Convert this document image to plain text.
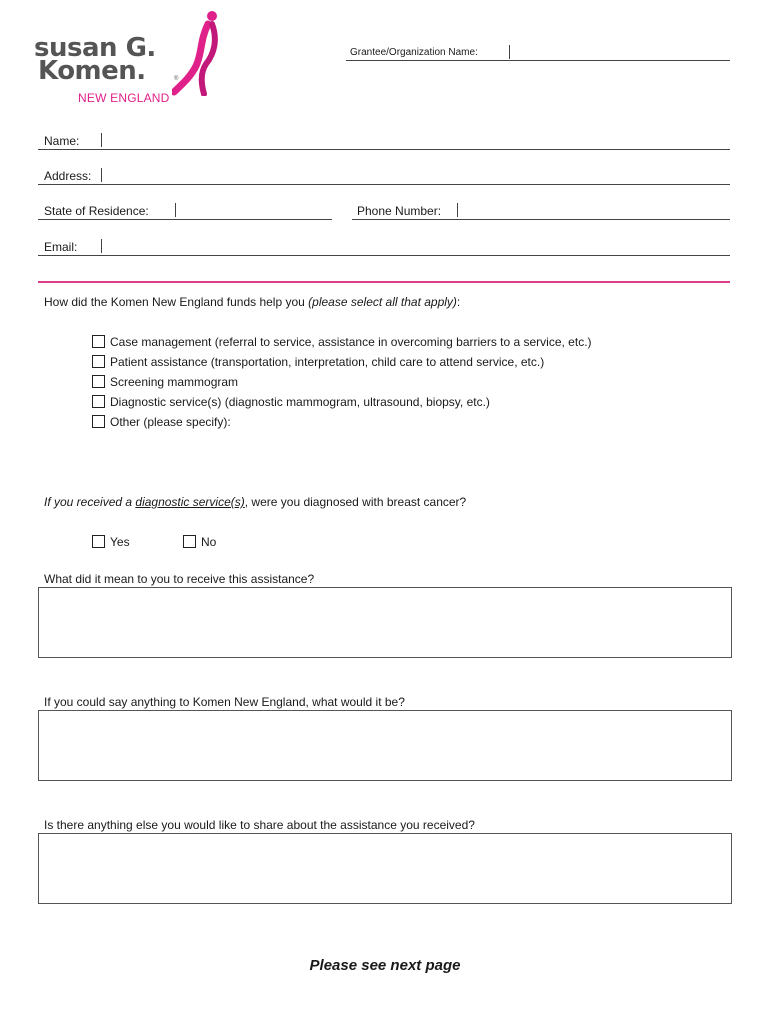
susan G.
Komen.	®
NEW ENGLAND
Grantee/Organization Name:
Name:
Address:
State of Residence:	Phone Number:
Email:
How did the Komen New England funds help you (please select all that apply):
Case management (referral to service, assistance in overcoming barriers to a service, etc.)
Patient assistance (transportation, interpretation, child care to attend service, etc.)
Screening mammogram
Diagnostic service(s) (diagnostic mammogram, ultrasound, biopsy, etc.)
Other (please specify):
If you received a diagnostic service(s), were you diagnosed with breast cancer?
Yes	No
What did it mean to you to receive this assistance?
If you could say anything to Komen New England, what would it be?
Is there anything else you would like to share about the assistance you received?
Please see next page
